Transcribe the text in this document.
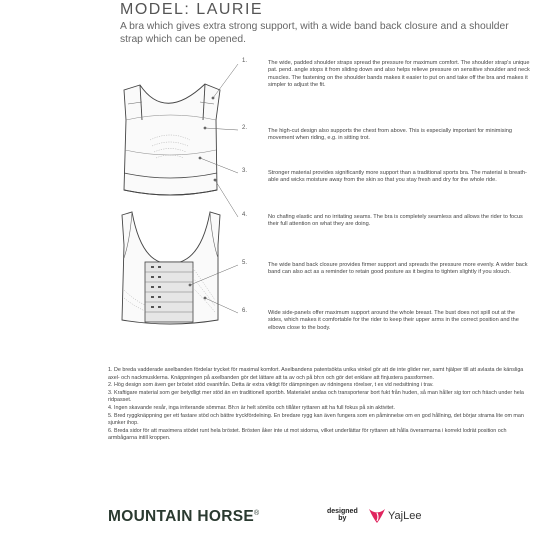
MODEL: LAURIE
A bra which gives extra strong support, with a wide band back closure and a shoulder strap which can be opened.
1.
2.
3.
4.
5.
6.
The wide, padded shoulder straps spread the pressure for maximum comfort. The shoulder strap's unique pat. pend. angle stops it from sliding down and also helps relieve pressure on sensitive shoulder and neck muscles. The fastening on the shoulder bands makes it easier to put on and take off the bra and makes it simpler to adjust the fit.
The high-cut design also supports the chest from above. This is especially important for minimising movement when riding, e.g. in sitting trot.
Stronger material provides significantly more support than a traditional sports bra. The material is breath-able and wicks moisture away from the skin so that you stay fresh and dry for the whole ride.
No chafing elastic and no irritating seams. The bra is completely seamless and allows the rider to focus their full attention on what they are doing.
The wide band back closure provides firmer support and spreads the pressure more evenly. A wider back band can also act as a reminder to retain good posture as it begins to tighten slightly if you slouch.
Wide side-panels offer maximum support around the whole breast. The bust does not spill out at the sides, which makes it comfortable for the rider to keep their upper arms in the correct position and the elbows close to the body.

1. De breda vadderade axelbanden fördelar trycket för maximal komfort. Axelbandens patentsökta unika vinkel gör att de inte glider ner, samt hjälper till att avlasta de känsliga axel- och nackmusklerna. Knäppningen på axelbanden gör det lättare att ta av och på bh:n och gör det enklare att finjustera passformen.

2. Hög design som även ger bröstet stöd ovanifrån. Detta är extra viktigt för dämpningen av ridningens rörelser, t ex vid nedsittning i trav.

3. Kraftigare material som ger betydligt mer stöd än en traditionell sportbh. Materialet andas och transporterar bort fukt från huden, så man håller sig torr och fräsch under hela ridpasset.

4. Ingen skavande resår, inga irriterande sömmar. Bh:n är helt sömlös och tillåter ryttaren att ha full fokus på sin aktivitet.

5. Bred ryggknäppning ger ett fastare stöd och bättre tryckfördelning. En bredare rygg kan även fungera som en påminnelse om en god hållning, det börjar strama lite om man sjunker ihop.

6. Breda sidor för att maximera stödet runt hela bröstet. Brösten åker inte ut mot sidorna, vilket underlättar för ryttaren att hålla överarmarna i korrekt lodrät position och armbågarna intill kroppen.

MOUNTAIN HORSE®	designed
by	YajLee
